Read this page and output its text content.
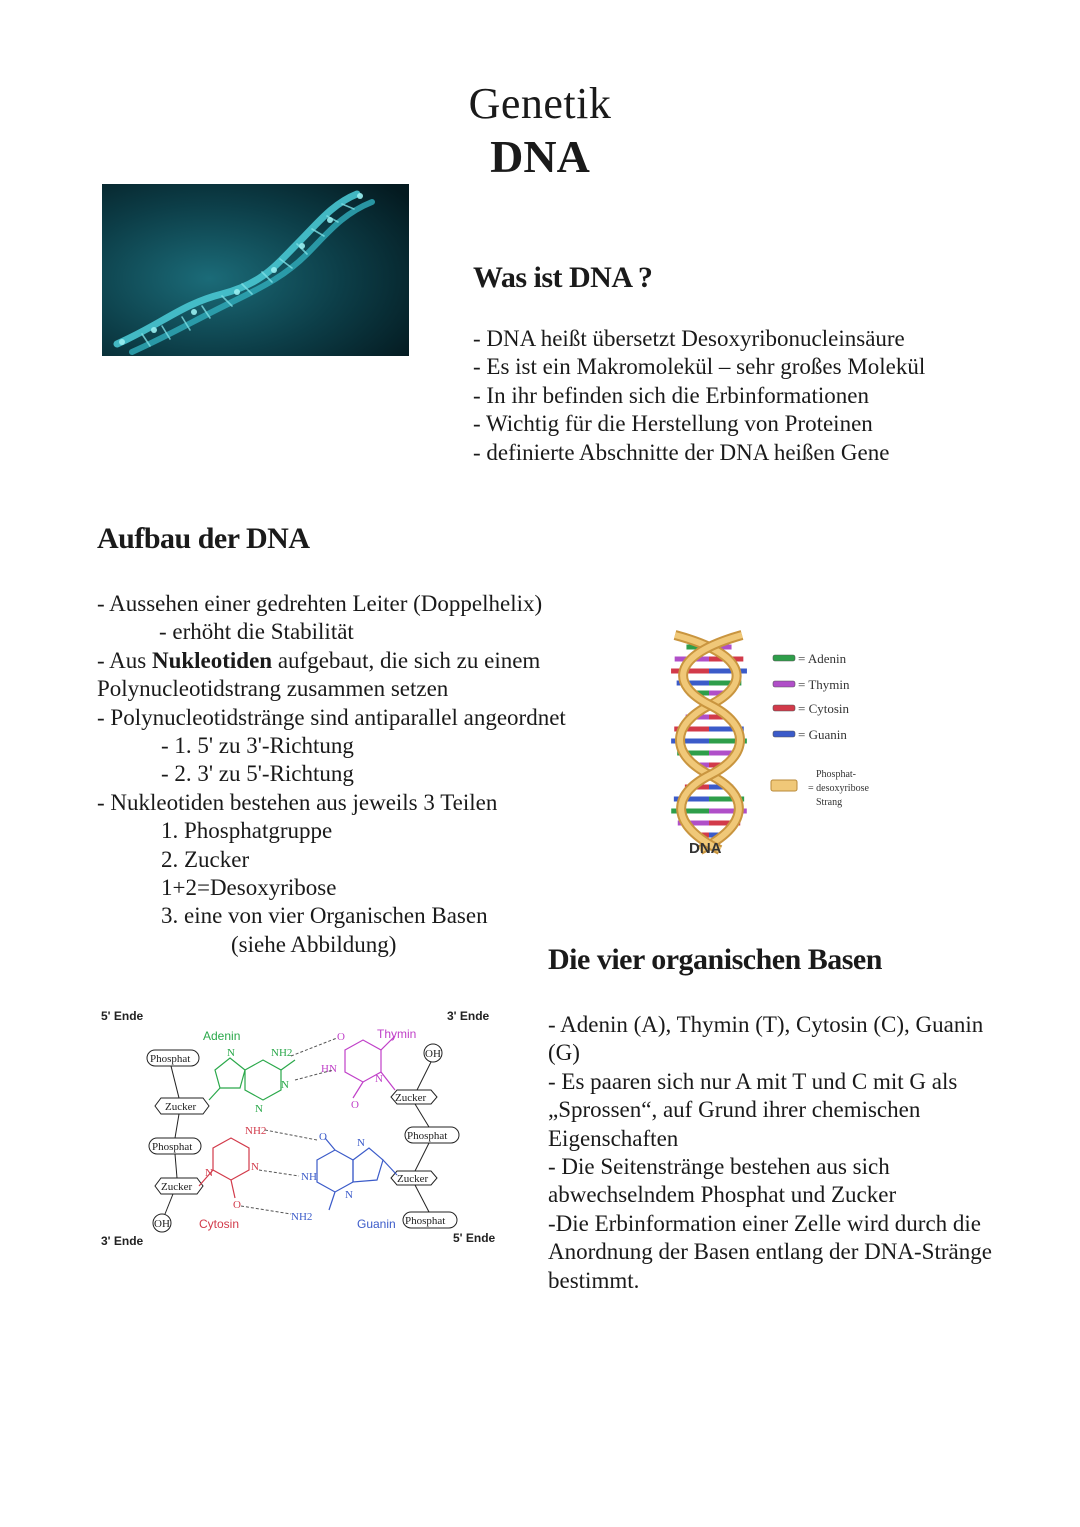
Genetik
DNA
Was ist DNA ?

- DNA heißt übersetzt Desoxyribonucleinsäure

- Es ist ein Makromolekül – sehr großes Molekül

- In ihr befinden sich die Erbinformationen

- Wichtig für die Herstellung von Proteinen

- definierte Abschnitte der DNA heißen Gene

Aufbau der DNA

- Aussehen einer gedrehten Leiter (Doppelhelix)

- erhöht die Stabilität

- Aus Nukleotiden aufgebaut, die sich zu einem

Polynucleotidstrang zusammen setzen

- Polynucleotidstränge sind antiparallel angeordnet

- 1. 5' zu 3'-Richtung

- 2. 3' zu 5'-Richtung

- Nukleotiden bestehen aus jeweils 3 Teilen

1. Phosphatgruppe

2. Zucker

1+2=Desoxyribose

3. eine von vier Organischen Basen

(siehe Abbildung)

= Adenin
= Thymin
= Cytosin
= Guanin
Phosphat-
= desoxyribose
Strang
DNA
Die vier organischen Basen

- Adenin (A), Thymin (T), Cytosin (C), Guanin (G)

- Es paaren sich nur A mit T und C mit G als „Sprossen“, auf Grund ihrer chemischen Eigenschaften

- Die Seitenstränge bestehen aus sich abwechselndem Phosphat und Zucker

-Die Erbinformation einer Zelle wird durch die Anordnung der Basen entlang der DNA-Stränge bestimmt.

5' Ende	3' Ende
3' Ende	5' Ende
Phosphat
Zucker
Phosphat
Zucker
OH
OH
Zucker
Phosphat
Zucker
Phosphat
Adenin
N
N
N
NH2
Thymin
O
HN
O
N
Cytosin
NH2
N	N
O
Guanin
O
NH
NH2
N
N
